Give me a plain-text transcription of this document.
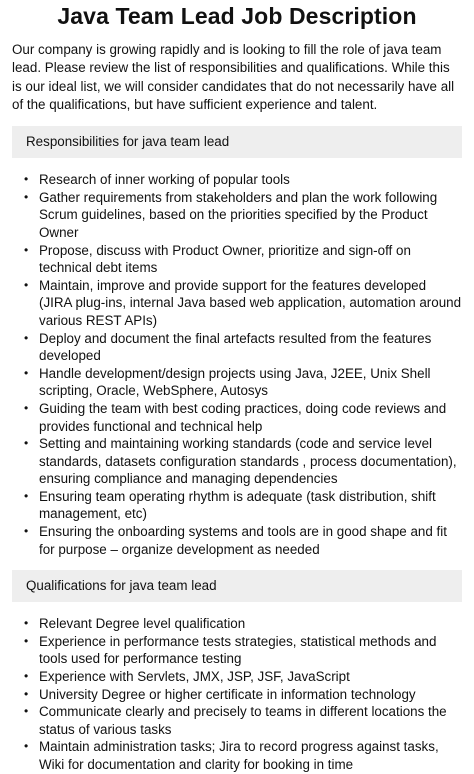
Java Team Lead Job Description

Our company is growing rapidly and is looking to fill the role of java team lead. Please review the list of responsibilities and qualifications. While this is our ideal list, we will consider candidates that do not necessarily have all of the qualifications, but have sufficient experience and talent.

Responsibilities for java team lead
• Research of inner working of popular tools
• Gather requirements from stakeholders and plan the work following Scrum guidelines, based on the priorities specified by the Product Owner
• Propose, discuss with Product Owner, prioritize and sign-off on technical debt items
• Maintain, improve and provide support for the features developed (JIRA plug-ins, internal Java based web application, automation around various REST APIs)
• Deploy and document the final artefacts resulted from the features developed
• Handle development/design projects using Java, J2EE, Unix Shell scripting, Oracle, WebSphere, Autosys
• Guiding the team with best coding practices, doing code reviews and provides functional and technical help
• Setting and maintaining working standards (code and service level standards, datasets configuration standards , process documentation), ensuring compliance and managing dependencies
• Ensuring team operating rhythm is adequate (task distribution, shift management, etc)
• Ensuring the onboarding systems and tools are in good shape and fit for purpose – organize development as needed
Qualifications for java team lead
• Relevant Degree level qualification
• Experience in performance tests strategies, statistical methods and tools used for performance testing
• Experience with Servlets, JMX, JSP, JSF, JavaScript
• University Degree or higher certificate in information technology
• Communicate clearly and precisely to teams in different locations the status of various tasks
• Maintain administration tasks; Jira to record progress against tasks, Wiki for documentation and clarity for booking in time
